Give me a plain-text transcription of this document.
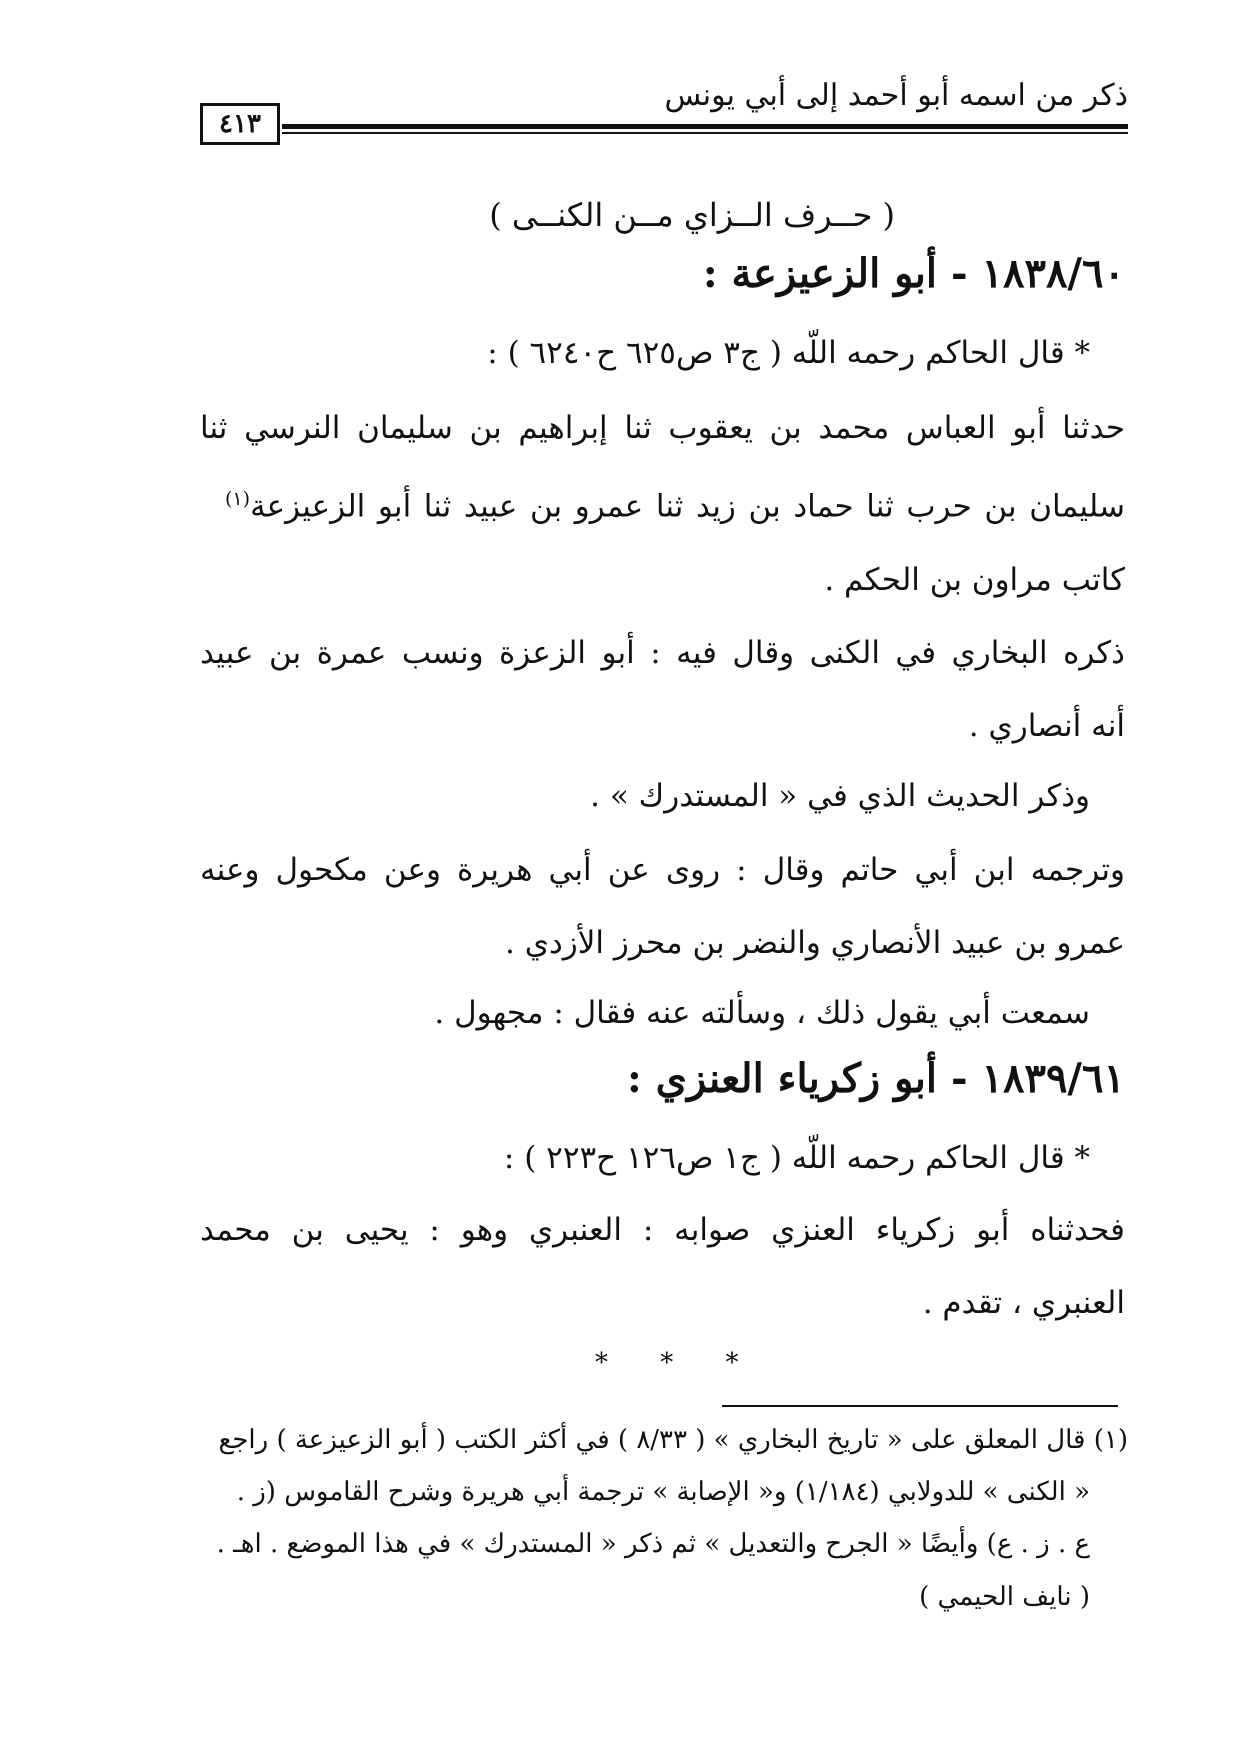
ذكر من اسمه أبو أحمد إلى أبي يونس
٤١٣
( حــرف الــزاي مــن الكنــى )
١٨٣٨/٦٠ - أبو الزعيزعة :
* قال الحاكم رحمه اللّه ( ج٣ ص٦٢٥ ح٦٢٤٠ ) :
حدثنا أبو العباس محمد بن يعقوب ثنا إبراهيم بن سليمان النرسي ثنا
سليمان بن حرب ثنا حماد بن زيد ثنا عمرو بن عبيد ثنا أبو الزعيزعة$^{(١)}$
كاتب مراون بن الحكم .
ذكره البخاري في الكنى وقال فيه : أبو الزعزة ونسب عمرة بن عبيد
أنه أنصاري .
وذكر الحديث الذي في « المستدرك » .
وترجمه ابن أبي حاتم وقال : روى عن أبي هريرة وعن مكحول وعنه
عمرو بن عبيد الأنصاري والنضر بن محرز الأزدي .
سمعت أبي يقول ذلك ، وسألته عنه فقال : مجهول .
١٨٣٩/٦١ - أبو زكرياء العنزي :
* قال الحاكم رحمه اللّه ( ج١ ص١٢٦ ح٢٢٣ ) :
فحدثناه أبو زكرياء العنزي صوابه : العنبري وهو : يحيى بن محمد
العنبري ، تقدم .
* * *
(١) قال المعلق على « تاريخ البخاري » ( ٨/٣٣ ) في أكثر الكتب ( أبو الزعيزعة ) راجع
« الكنى » للدولابي (١/١٨٤) و« الإصابة » ترجمة أبي هريرة وشرح القاموس (ز .
ع . ز . ع) وأيضًا « الجرح والتعديل » ثم ذكر « المستدرك » في هذا الموضع . اهـ .
( نايف الحيمي )
